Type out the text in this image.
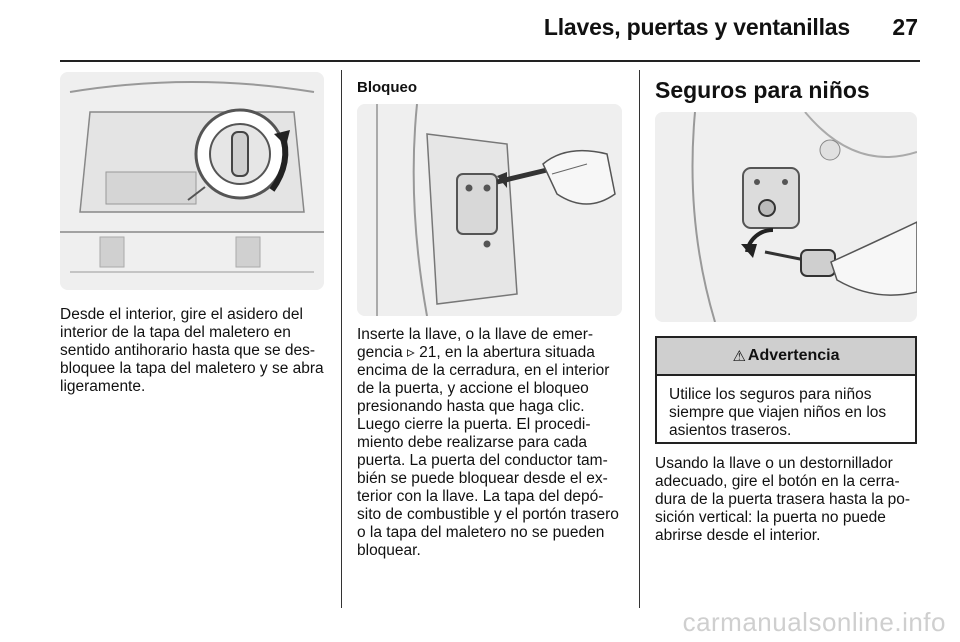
Llaves, puertas y ventanillas 27
Desde el interior, gire el asidero del interior de la tapa del maletero en sentido antihorario hasta que se des-bloquee la tapa del maletero y se abra ligeramente.
Bloqueo
Inserte la llave, o la llave de emer-gencia ▹ 21, en la abertura situada encima de la cerradura, en el interior de la puerta, y accione el bloqueo presionando hasta que haga clic. Luego cierre la puerta. El procedi-miento debe realizarse para cada puerta. La puerta del conductor tam-bién se puede bloquear desde el ex-terior con la llave. La tapa del depó-sito de combustible y el portón trasero o la tapa del maletero no se pueden bloquear.
Seguros para niños
⚠ Advertencia
Utilice los seguros para niños siempre que viajen niños en los asientos traseros.
Usando la llave o un destornillador adecuado, gire el botón en la cerra-dura de la puerta trasera hasta la po-sición vertical: la puerta no puede abrirse desde el interior.
carmanualsonline.info
